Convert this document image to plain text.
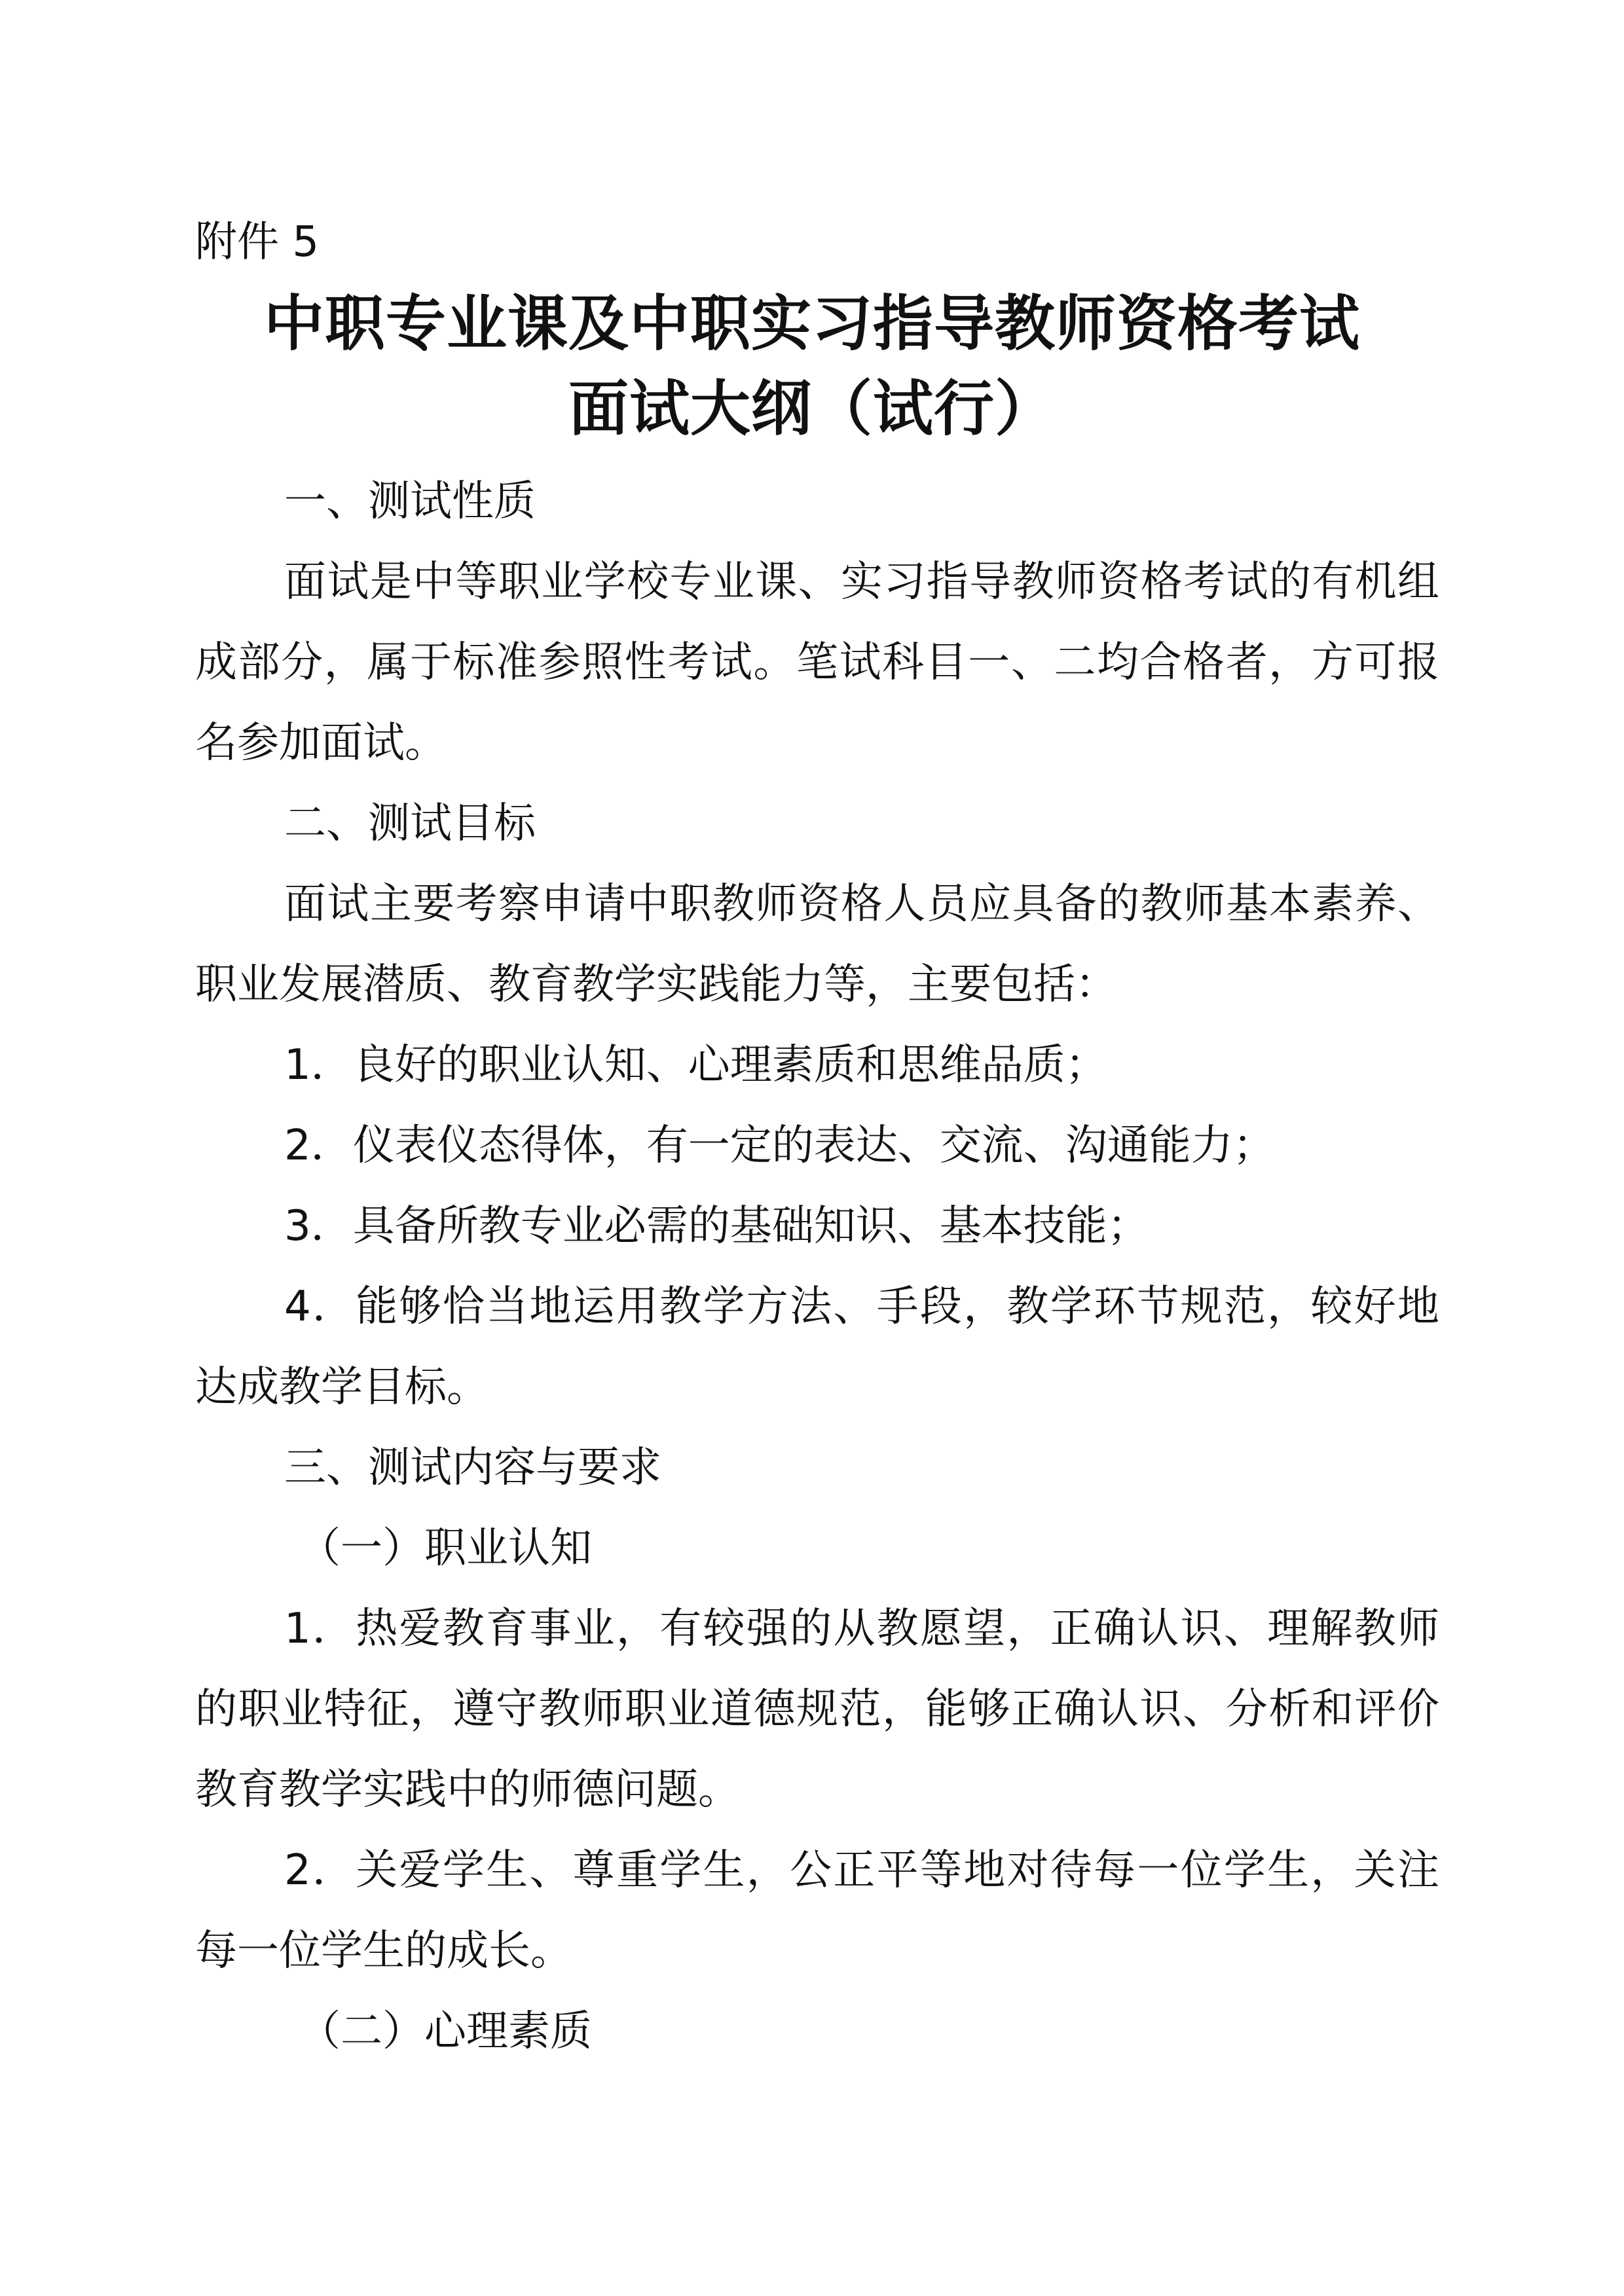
附件 5

中职专业课及中职实习指导教师资格考试
面试大纲（试行）

一、测试性质

面试是中等职业学校专业课、实习指导教师资格考试的有机组成部分，属于标准参照性考试。笔试科目一、二均合格者，方可报名参加面试。

二、测试目标

面试主要考察申请中职教师资格人员应具备的教师基本素养、职业发展潜质、教育教学实践能力等，主要包括：

1．良好的职业认知、心理素质和思维品质；

2．仪表仪态得体，有一定的表达、交流、沟通能力；

3．具备所教专业必需的基础知识、基本技能；

4．能够恰当地运用教学方法、手段，教学环节规范，较好地达成教学目标。

三、测试内容与要求

（一）职业认知

1．热爱教育事业，有较强的从教愿望，正确认识、理解教师的职业特征，遵守教师职业道德规范，能够正确认识、分析和评价教育教学实践中的师德问题。

2．关爱学生、尊重学生，公正平等地对待每一位学生，关注每一位学生的成长。

（二）心理素质
